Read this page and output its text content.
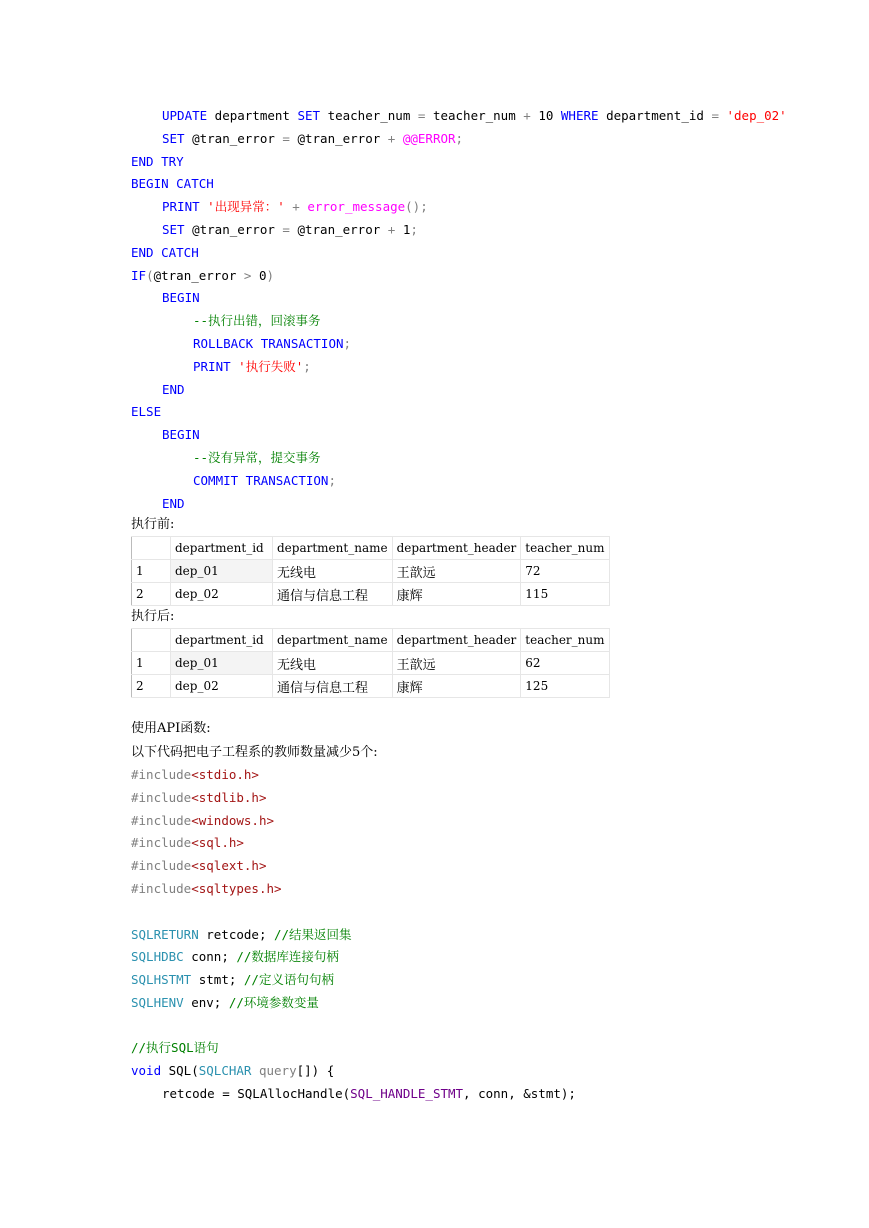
UPDATE department SET teacher_num = teacher_num + 10 WHERE department_id = 'dep_02'
SET @tran_error = @tran_error + @@ERROR;
END TRY
BEGIN CATCH
PRINT '出现异常：' + error_message();
SET @tran_error = @tran_error + 1;
END CATCH
IF(@tran_error > 0)
BEGIN
--执行出错，回滚事务
ROLLBACK TRANSACTION;
PRINT '执行失败';
END
ELSE
BEGIN
--没有异常，提交事务
COMMIT TRANSACTION;
END
执行前:
	department_id	department_name	department_header	teacher_num
1	dep_01	无线电	王歆远	72
2	dep_02	通信与信息工程	康辉	115
执行后:
	department_id	department_name	department_header	teacher_num
1	dep_01	无线电	王歆远	62
2	dep_02	通信与信息工程	康辉	125
使用API函数:
以下代码把电子工程系的教师数量减少5个:
#include<stdio.h>
#include<stdlib.h>
#include<windows.h>
#include<sql.h>
#include<sqlext.h>
#include<sqltypes.h>
SQLRETURN retcode; //结果返回集
SQLHDBC conn; //数据库连接句柄
SQLHSTMT stmt; //定义语句句柄
SQLHENV env; //环境参数变量
//执行SQL语句
void SQL(SQLCHAR query[]) {
retcode = SQLAllocHandle(SQL_HANDLE_STMT, conn, &stmt);
